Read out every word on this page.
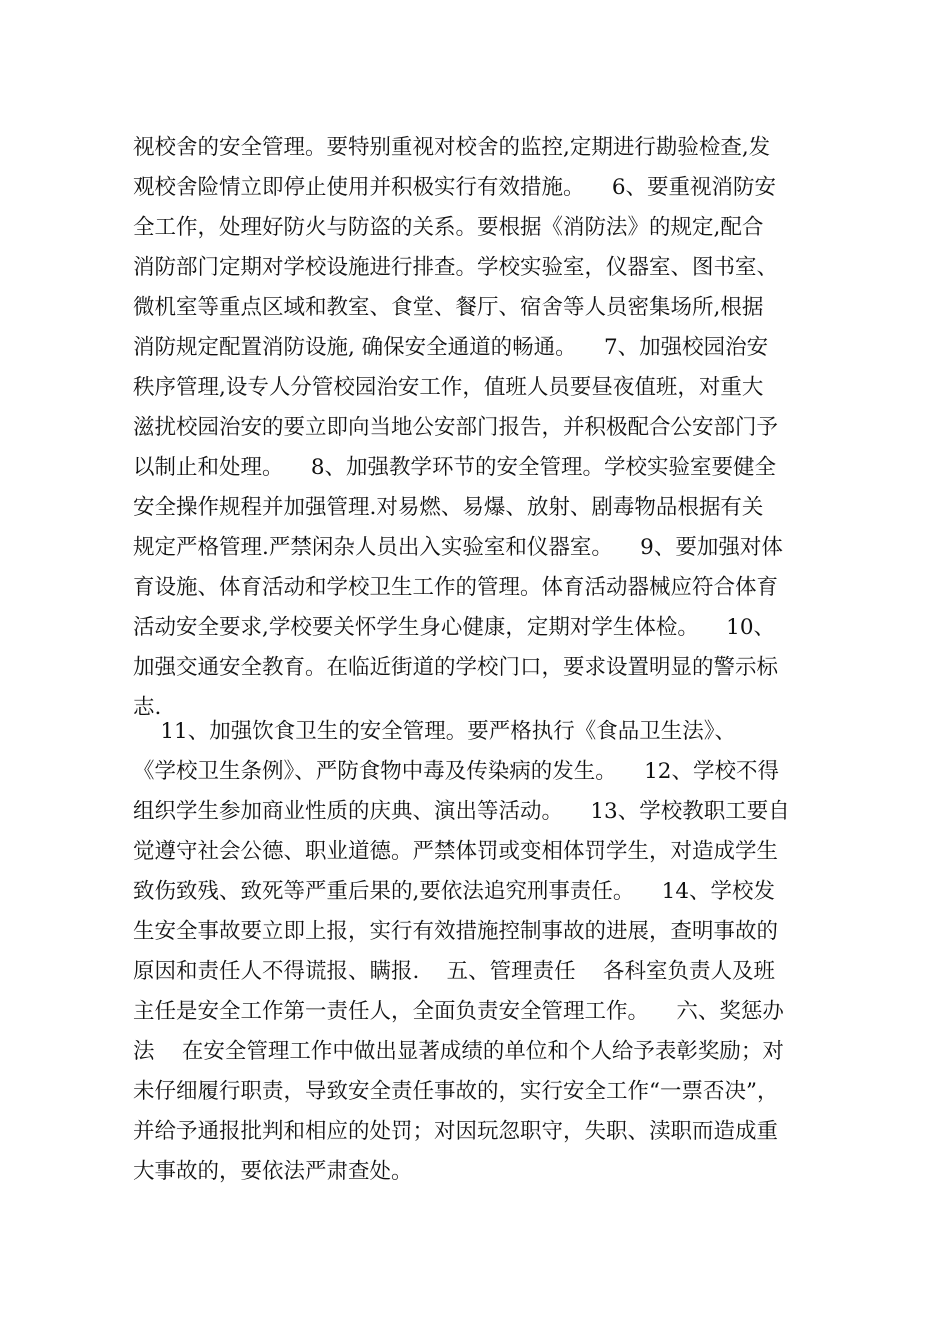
视校舍的安全管理。要特别重视对校舍的监控,定期进行勘验检查,发
观校舍险情立即停止使用并积极实行有效措施。    6、要重视消防安
全工作，处理好防火与防盗的关系。要根据《消防法》的规定,配合
消防部门定期对学校设施进行排查。学校实验室，仪器室、图书室、
微机室等重点区域和教室、食堂、餐厅、宿舍等人员密集场所,根据
消防规定配置消防设施, 确保安全通道的畅通。    7、加强校园治安
秩序管理,设专人分管校园治安工作，值班人员要昼夜值班，对重大
滋扰校园治安的要立即向当地公安部门报告，并积极配合公安部门予
以制止和处理。    8、加强教学环节的安全管理。学校实验室要健全
安全操作规程并加强管理.对易燃、易爆、放射、剧毒物品根据有关
规定严格管理.严禁闲杂人员出入实验室和仪器室。    9、要加强对体
育设施、体育活动和学校卫生工作的管理。体育活动器械应符合体育
活动安全要求,学校要关怀学生身心健康，定期对学生体检。    10、
加强交通安全教育。在临近街道的学校门口，要求设置明显的警示标
志.
11、加强饮食卫生的安全管理。要严格执行《食品卫生法》、
《学校卫生条例》、严防食物中毒及传染病的发生。    12、学校不得
组织学生参加商业性质的庆典、演出等活动。    13、学校教职工要自
觉遵守社会公德、职业道德。严禁体罚或变相体罚学生，对造成学生
致伤致残、致死等严重后果的,要依法追究刑事责任。    14、学校发
生安全事故要立即上报，实行有效措施控制事故的进展，查明事故的
原因和责任人不得谎报、瞒报.    五、管理责任    各科室负责人及班
主任是安全工作第一责任人，全面负责安全管理工作。    六、奖惩办
法    在安全管理工作中做出显著成绩的单位和个人给予表彰奖励；对
未仔细履行职责，导致安全责任事故的，实行安全工作“一票否决”，
并给予通报批判和相应的处罚；对因玩忽职守，失职、渎职而造成重
大事故的，要依法严肃查处。
